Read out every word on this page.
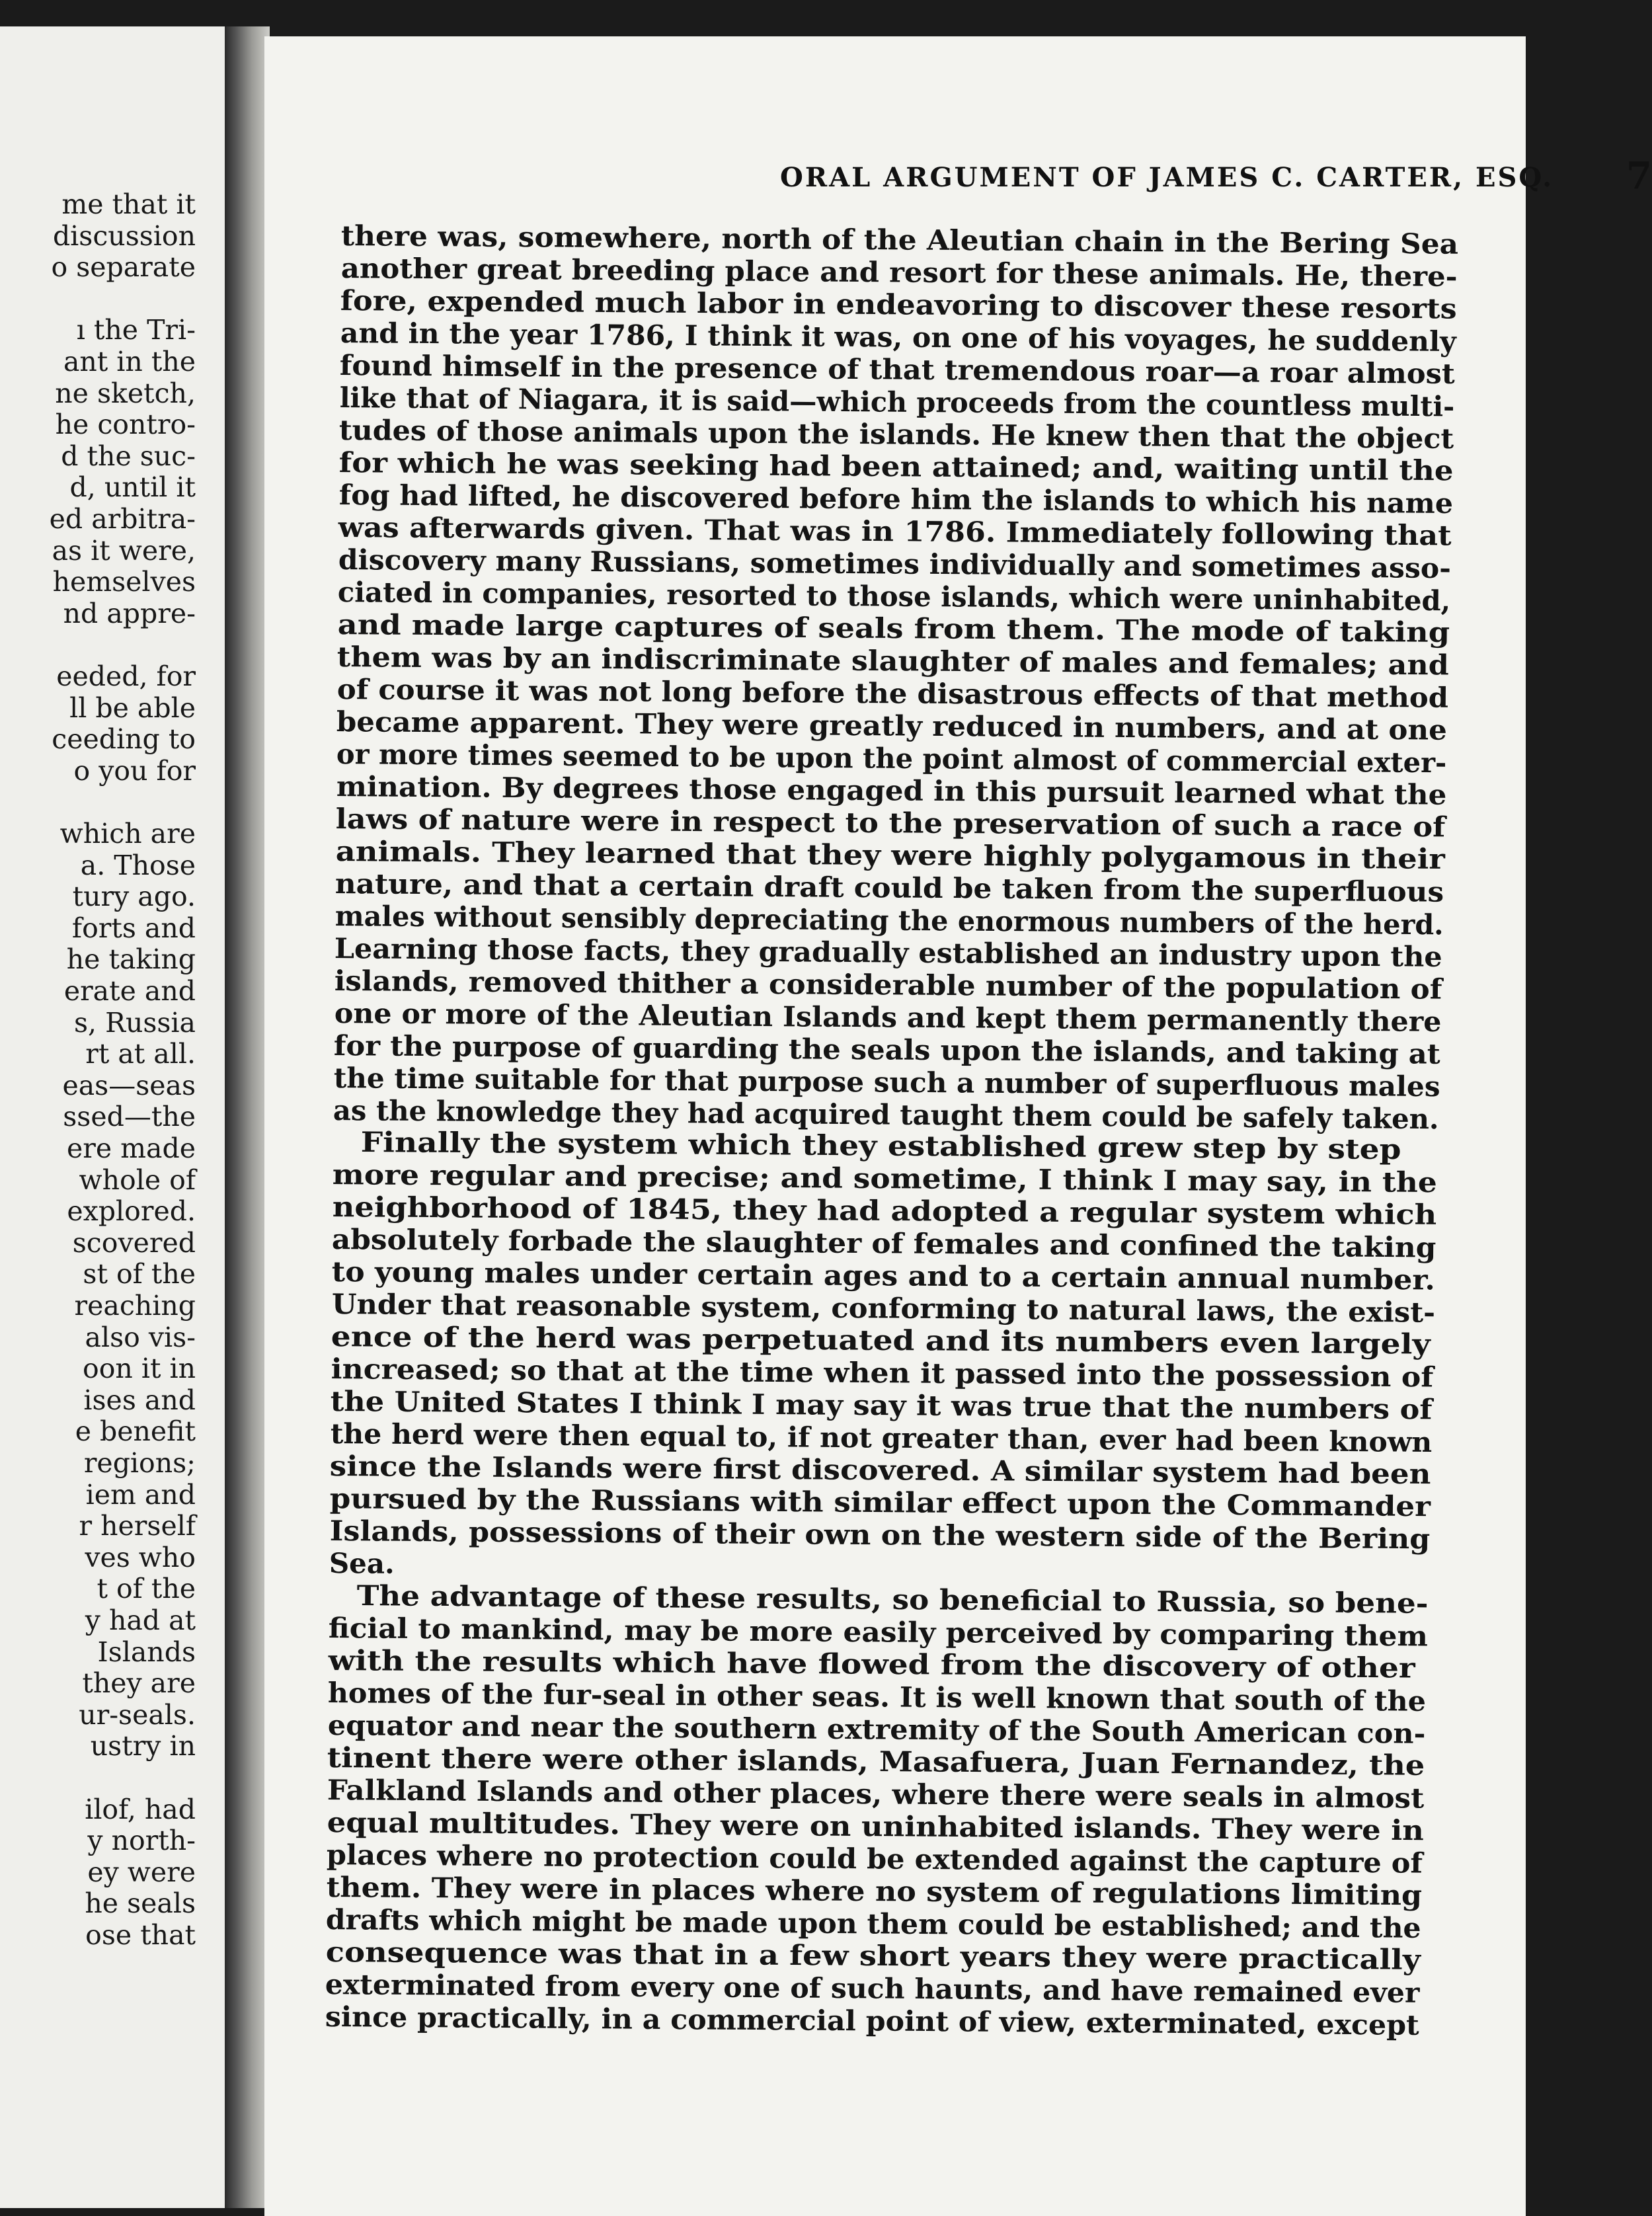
me that it
discussion
o separate
ı the Tri-
ant in the
ne sketch,
he contro-
d the suc-
d, until it
ed arbitra-
as it were,
hemselves
nd appre-
eeded, for
ll be able
ceeding to
o you for
which are
a. Those
tury ago.
forts and
he taking
erate and
s, Russia
rt at all.
eas—seas
ssed—the
ere made
whole of
explored.
scovered
st of the
reaching
also vis-
oon it in
ises and
e benefit
regions;
iem and
r herself
ves who
t of the
y had at
Islands
they are
ur-seals.
ustry in
ilof, had
y north-
ey were
he seals
ose that
ORAL ARGUMENT OF JAMES C. CARTER, ESQ. 7
there was, somewhere, north of the Aleutian chain in the Bering Sea
another great breeding place and resort for these animals. He, there-
fore, expended much labor in endeavoring to discover these resorts
and in the year 1786, I think it was, on one of his voyages, he suddenly
found himself in the presence of that tremendous roar—a roar almost
like that of Niagara, it is said—which proceeds from the countless multi-
tudes of those animals upon the islands. He knew then that the object
for which he was seeking had been attained; and, waiting until the
fog had lifted, he discovered before him the islands to which his name
was afterwards given. That was in 1786. Immediately following that
discovery many Russians, sometimes individually and sometimes asso-
ciated in companies, resorted to those islands, which were uninhabited,
and made large captures of seals from them. The mode of taking
them was by an indiscriminate slaughter of males and females; and
of course it was not long before the disastrous effects of that method
became apparent. They were greatly reduced in numbers, and at one
or more times seemed to be upon the point almost of commercial exter-
mination. By degrees those engaged in this pursuit learned what the
laws of nature were in respect to the preservation of such a race of
animals. They learned that they were highly polygamous in their
nature, and that a certain draft could be taken from the superfluous
males without sensibly depreciating the enormous numbers of the herd.
Learning those facts, they gradually established an industry upon the
islands, removed thither a considerable number of the population of
one or more of the Aleutian Islands and kept them permanently there
for the purpose of guarding the seals upon the islands, and taking at
the time suitable for that purpose such a number of superfluous males
as the knowledge they had acquired taught them could be safely taken.
Finally the system which they established grew step by step
more regular and precise; and sometime, I think I may say, in the
neighborhood of 1845, they had adopted a regular system which
absolutely forbade the slaughter of females and confined the taking
to young males under certain ages and to a certain annual number.
Under that reasonable system, conforming to natural laws, the exist-
ence of the herd was perpetuated and its numbers even largely
increased; so that at the time when it passed into the possession of
the United States I think I may say it was true that the numbers of
the herd were then equal to, if not greater than, ever had been known
since the Islands were first discovered. A similar system had been
pursued by the Russians with similar effect upon the Commander
Islands, possessions of their own on the western side of the Bering
Sea.
The advantage of these results, so beneficial to Russia, so bene-
ficial to mankind, may be more easily perceived by comparing them
with the results which have flowed from the discovery of other
homes of the fur-seal in other seas. It is well known that south of the
equator and near the southern extremity of the South American con-
tinent there were other islands, Masafuera, Juan Fernandez, the
Falkland Islands and other places, where there were seals in almost
equal multitudes. They were on uninhabited islands. They were in
places where no protection could be extended against the capture of
them. They were in places where no system of regulations limiting
drafts which might be made upon them could be established; and the
consequence was that in a few short years they were practically
exterminated from every one of such haunts, and have remained ever
since practically, in a commercial point of view, exterminated, except
